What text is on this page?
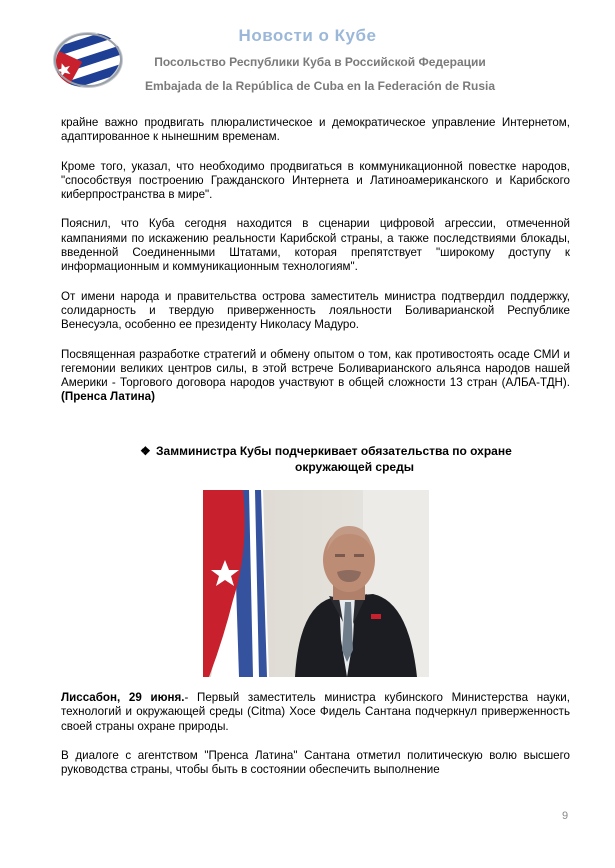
Новости о Кубе
Посольство Республики Куба в Российской Федерации
Embajada de la República de Cuba en la Federación de Rusia

крайне важно продвигать плюралистическое и демократическое управление Интернетом, адаптированное к нынешним временам.

Кроме того, указал, что необходимо продвигаться в коммуникационной повестке народов, "способствуя построению Гражданского Интернета и Латиноамериканского и Карибского киберпространства в мире".

Пояснил, что Куба сегодня находится в сценарии цифровой агрессии, отмеченной кампаниями по искажению реальности Карибской страны, а также последствиями блокады, введенной Соединенными Штатами, которая препятствует "широкому доступу к информационным и коммуникационным технологиям".

От имени народа и правительства острова заместитель министра подтвердил поддержку, солидарность и твердую приверженность лояльности Боливарианской Республике Венесуэла, особенно ее президенту Николасу Мадуро.

Посвященная разработке стратегий и обмену опытом о том, как противостоять осаде СМИ и гегемонии великих центров силы, в этой встрече Боливарианского альянса народов нашей Америки - Торгового договора народов участвуют в общей сложности 13 стран (АЛБА-ТДН). (Пренса Латина)

❖ Замминистра Кубы подчеркивает обязательства по охране
окружающей среды

Лиссабон, 29 июня.- Первый заместитель министра кубинского Министерства науки, технологий и окружающей среды (Citma) Хосе Фидель Сантана подчеркнул приверженность своей страны охране природы.

В диалоге с агентством "Пренса Латина" Сантана отметил политическую волю высшего руководства страны, чтобы быть в состоянии обеспечить выполнение

9
